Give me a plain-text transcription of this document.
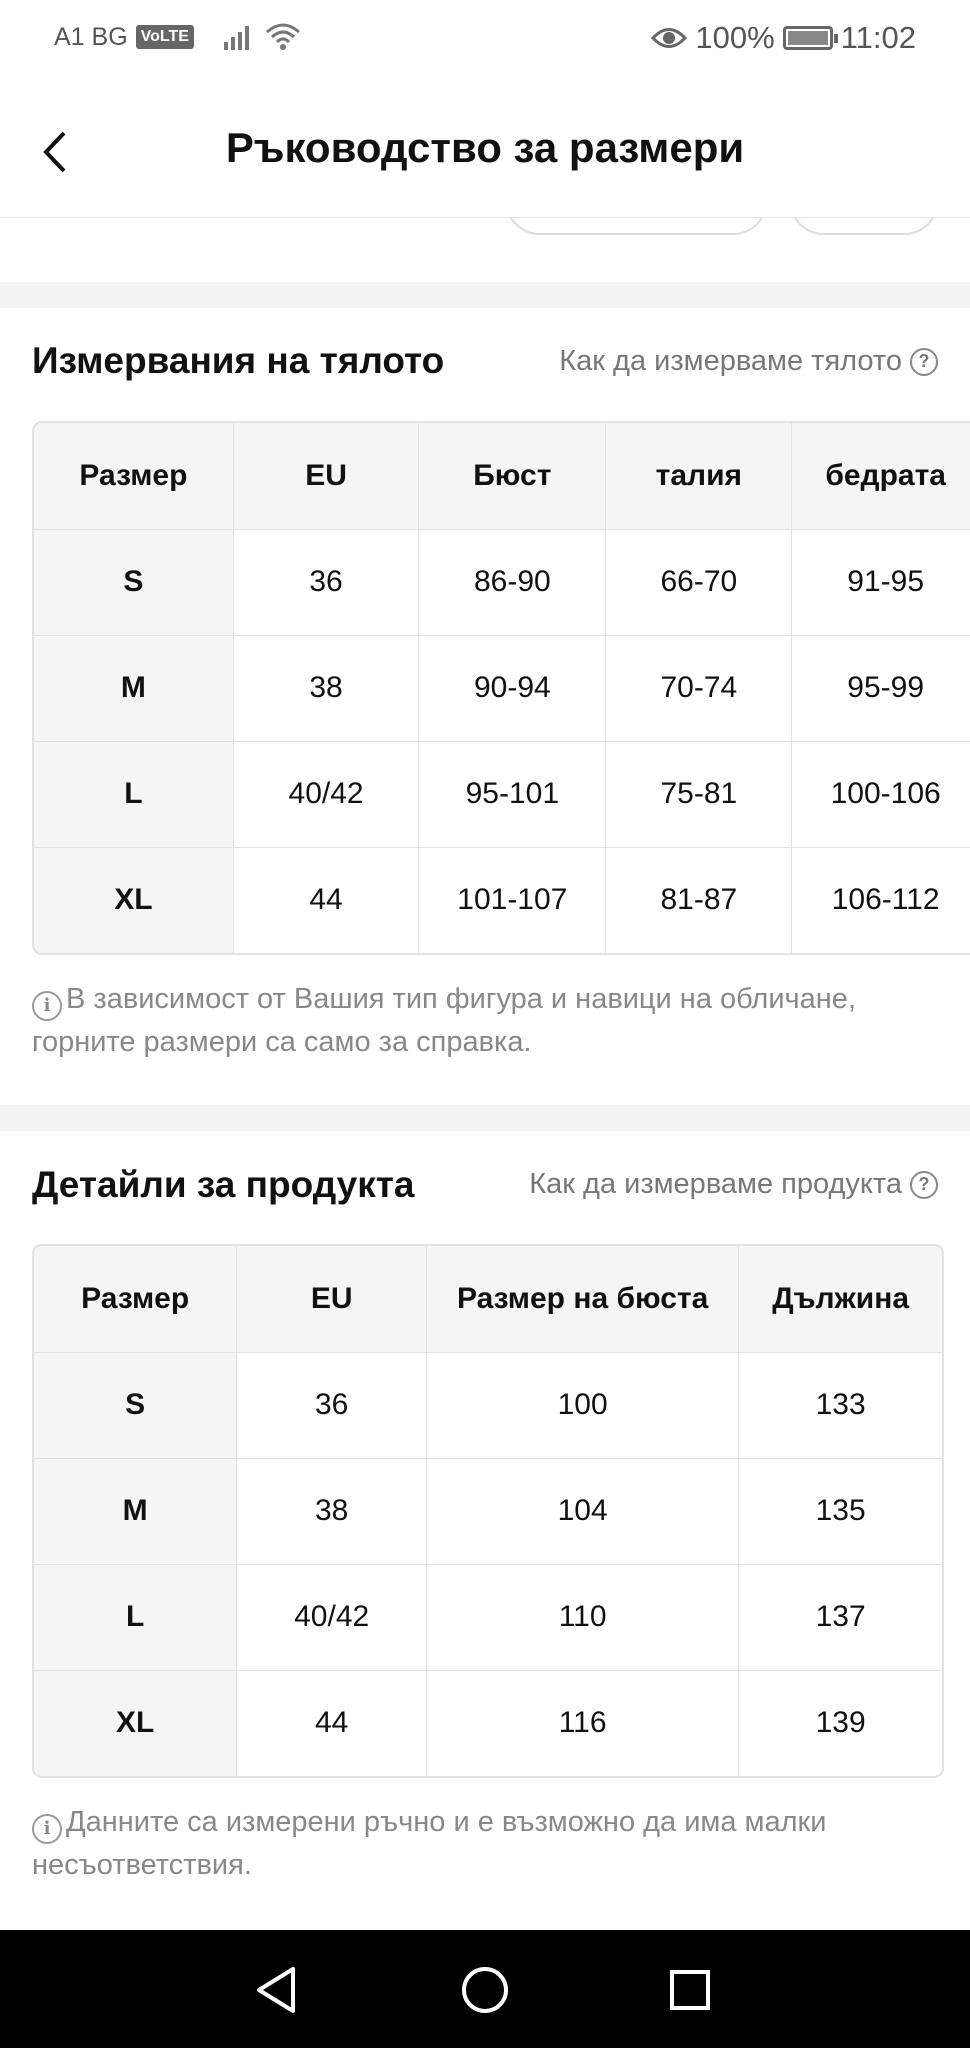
A1 BG VoLTE	100% 11:02
Ръководство за размери
Измервания на тялото	Как да измерваме тялото ?
Размер	EU	Бюст	талия	бедрата
S	36	86-90	66-70	91-95
M	38	90-94	70-74	95-99
L	40/42	95-101	75-81	100-106
XL	44	101-107	81-87	106-112
i В зависимост от Вашия тип фигура и навици на обличане, горните размери са само за справка.
Детайли за продукта	Как да измерваме продукта ?
Размер	EU	Размер на бюста	Дължина
S	36	100	133
M	38	104	135
L	40/42	110	137
XL	44	116	139
i Данните са измерени ръчно и е възможно да има малки несъответствия.
